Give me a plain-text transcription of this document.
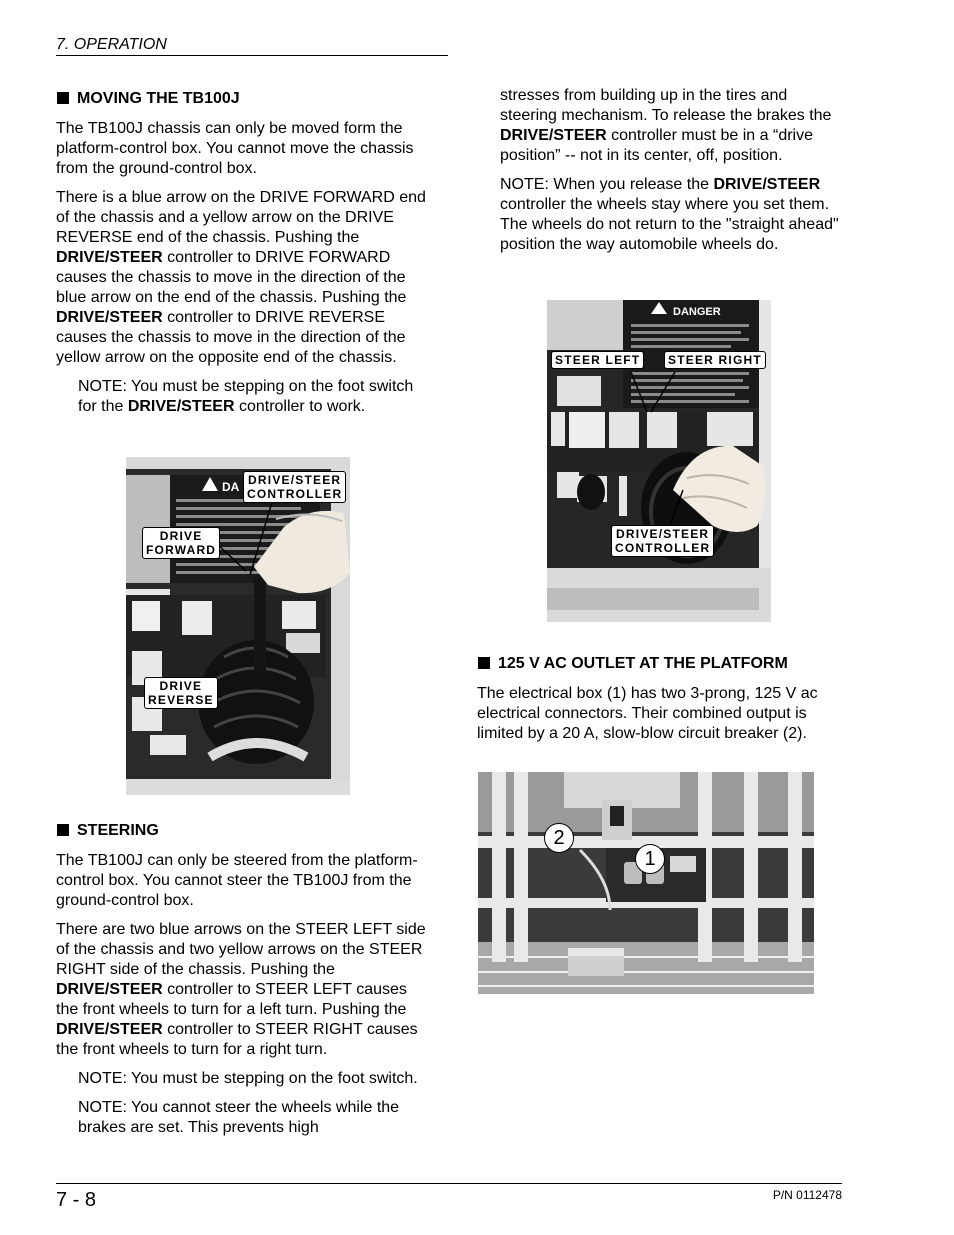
7. OPERATION
MOVING THE TB100J

The TB100J chassis can only be moved form the platform-control box. You cannot move the chassis from the ground-control box.

There is a blue arrow on the DRIVE FORWARD end of the chassis and a yellow arrow on the DRIVE REVERSE end of the chassis. Pushing the DRIVE/STEER controller to DRIVE FORWARD causes the chassis to move in the direction of the blue arrow on the end of the chassis. Pushing the DRIVE/STEER controller to DRIVE REVERSE causes the chassis to move in the direction of the yellow arrow on the opposite end of the chassis.

NOTE: You must be stepping on the foot switch for the DRIVE/STEER controller to work.

DA DRIVE/STEER
CONTROLLER
DRIVE
FORWARD
DRIVE
REVERSE
STEERING

The TB100J can only be steered from the platform-control box. You cannot steer the TB100J from the ground-control box.

There are two blue arrows on the STEER LEFT side of the chassis and two yellow arrows on the STEER RIGHT side of the chassis. Pushing the DRIVE/STEER controller to STEER LEFT causes the front wheels to turn for a left turn. Pushing the DRIVE/STEER controller to STEER RIGHT causes the front wheels to turn for a right turn.

NOTE: You must be stepping on the foot switch.

NOTE: You cannot steer the wheels while the brakes are set. This prevents high

stresses from building up in the tires and steering mechanism. To release the brakes the DRIVE/STEER controller must be in a “drive position” -- not in its center, off, position.

NOTE: When you release the DRIVE/STEER controller the wheels stay where you set them. The wheels do not return to the "straight ahead" position the way automobile wheels do.

DANGER
STEER LEFT STEER RIGHT
DRIVE/STEER
CONTROLLER
125 V AC OUTLET AT THE PLATFORM

The electrical box (1) has two 3-prong, 125 V ac electrical connectors. Their combined output is limited by a 20 A, slow-blow circuit breaker (2).

1
2
7 - 8	P/N 0112478
